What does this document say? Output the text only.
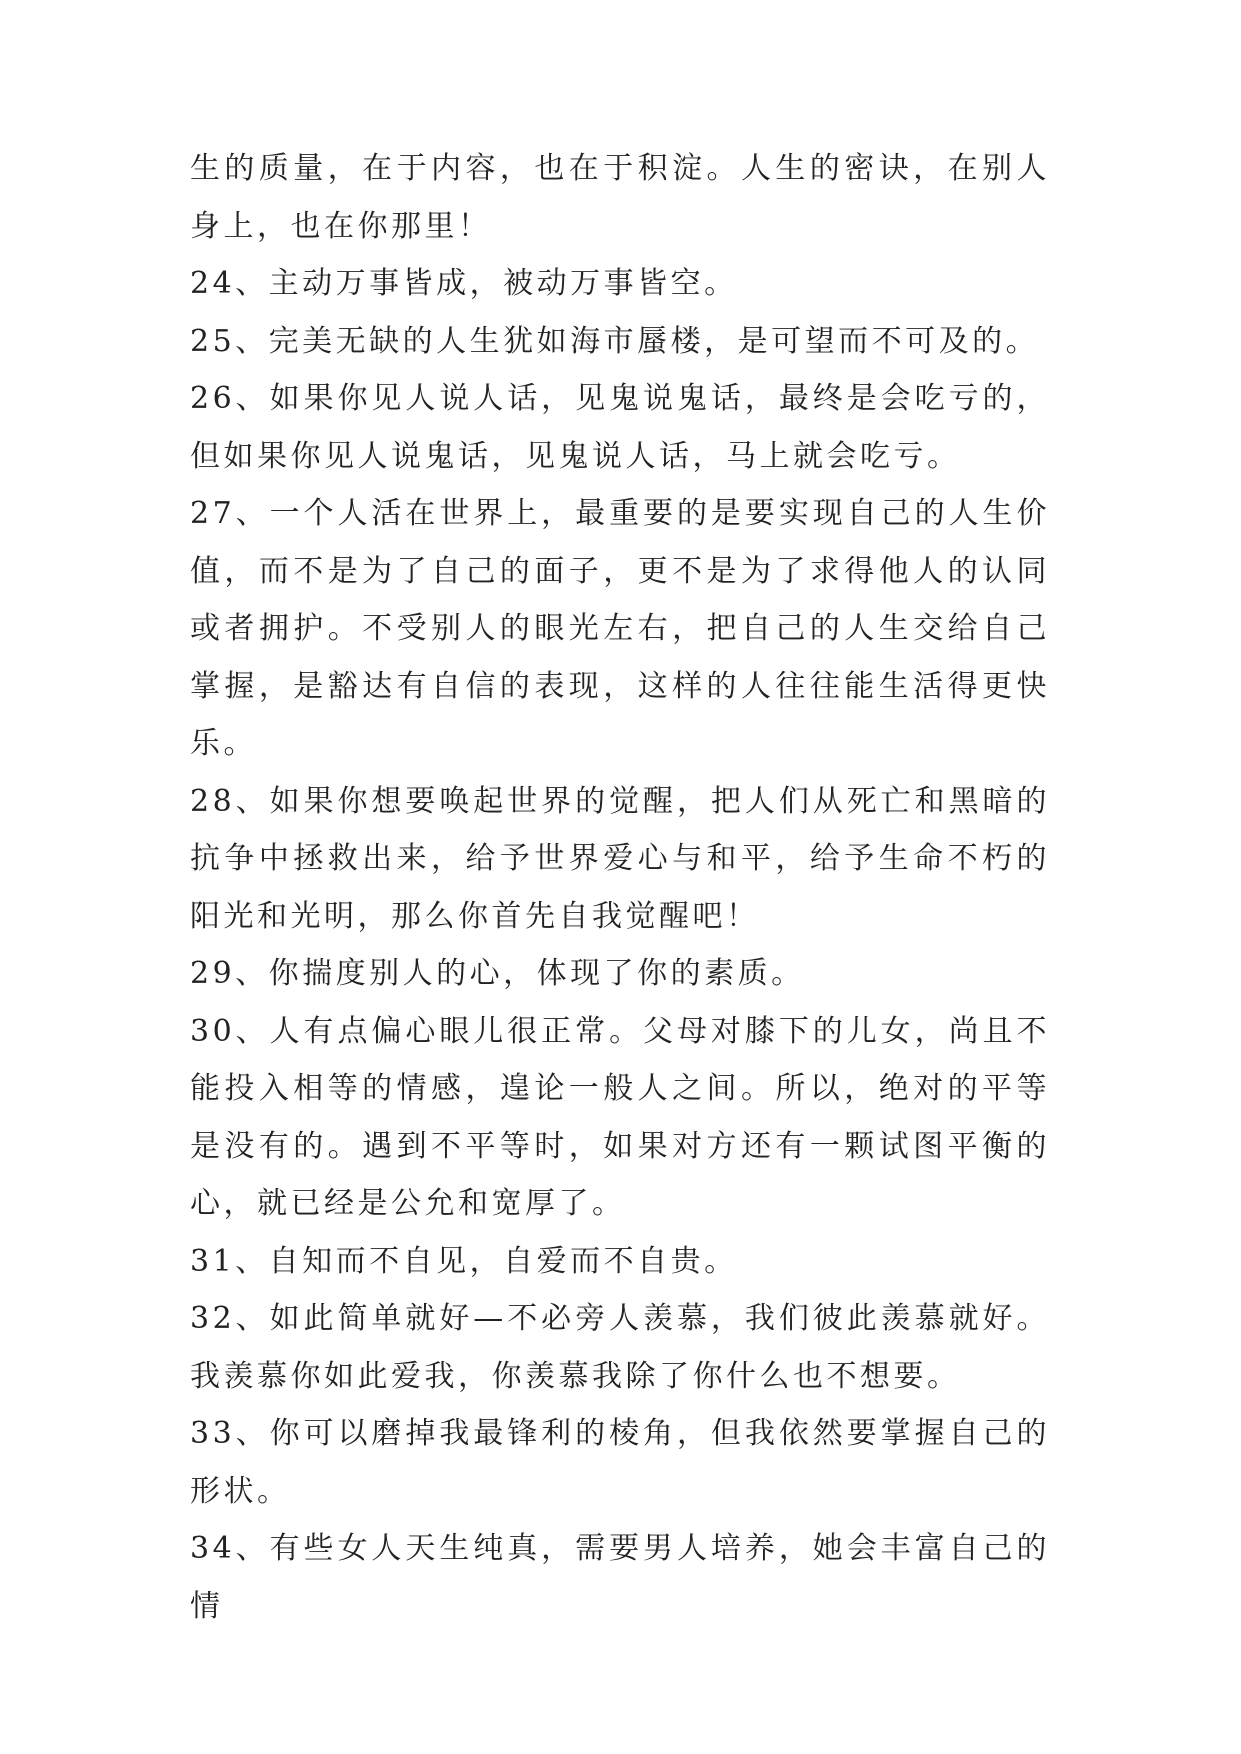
生的质量，在于内容，也在于积淀。人生的密诀，在别人身上，也在你那里！

24、主动万事皆成，被动万事皆空。

25、完美无缺的人生犹如海市蜃楼，是可望而不可及的。

26、如果你见人说人话，见鬼说鬼话，最终是会吃亏的，但如果你见人说鬼话，见鬼说人话，马上就会吃亏。

27、一个人活在世界上，最重要的是要实现自己的人生价值，而不是为了自己的面子，更不是为了求得他人的认同或者拥护。不受别人的眼光左右，把自己的人生交给自己掌握，是豁达有自信的表现，这样的人往往能生活得更快乐。

28、如果你想要唤起世界的觉醒，把人们从死亡和黑暗的抗争中拯救出来，给予世界爱心与和平，给予生命不朽的阳光和光明，那么你首先自我觉醒吧！

29、你揣度别人的心，体现了你的素质。

30、人有点偏心眼儿很正常。父母对膝下的儿女，尚且不能投入相等的情感，遑论一般人之间。所以，绝对的平等是没有的。遇到不平等时，如果对方还有一颗试图平衡的心，就已经是公允和宽厚了。

31、自知而不自见，自爱而不自贵。

32、如此简单就好—不必旁人羡慕，我们彼此羡慕就好。我羡慕你如此爱我，你羡慕我除了你什么也不想要。

33、你可以磨掉我最锋利的棱角，但我依然要掌握自己的形状。

34、有些女人天生纯真，需要男人培养，她会丰富自己的情
